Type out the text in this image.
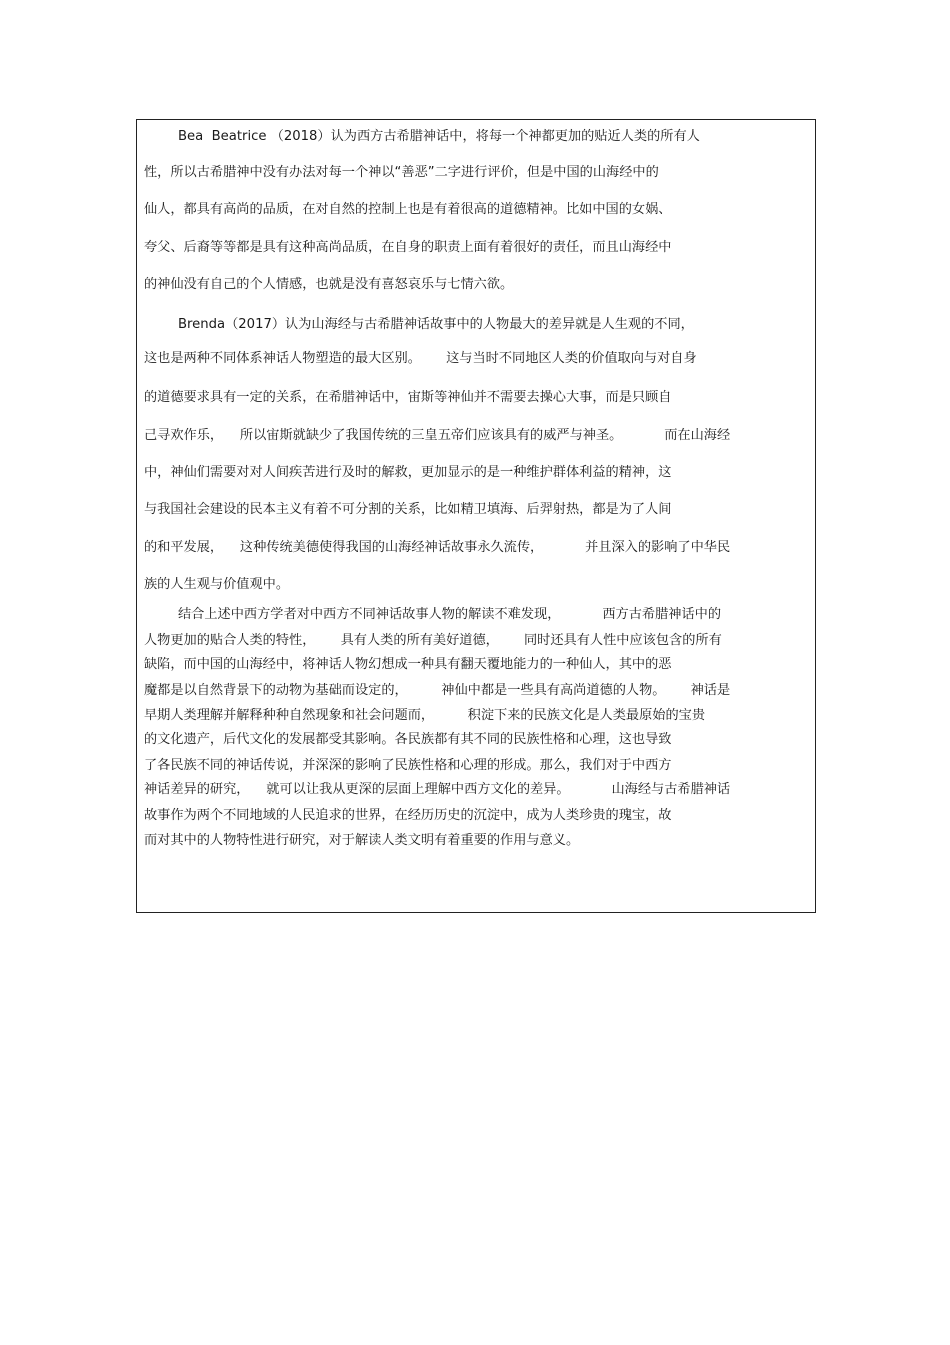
Bea  Beatrice （2018）认为西方古希腊神话中，将每一个神都更加的贴近人类的所有人

性，所以古希腊神中没有办法对每一个神以“善恶”二字进行评价，但是中国的山海经中的

仙人，都具有高尚的品质，在对自然的控制上也是有着很高的道德精神。比如中国的女娲、

夸父、后裔等等都是具有这种高尚品质，在自身的职责上面有着很好的责任，而且山海经中

的神仙没有自己的个人情感，也就是没有喜怒哀乐与七情六欲。

Brenda（2017）认为山海经与古希腊神话故事中的人物最大的差异就是人生观的不同，

这也是两种不同体系神话人物塑造的最大区别。      这与当时不同地区人类的价值取向与对自身

的道德要求具有一定的关系，在希腊神话中，宙斯等神仙并不需要去操心大事，而是只顾自

己寻欢作乐，    所以宙斯就缺少了我国传统的三皇五帝们应该具有的威严与神圣。          而在山海经

中，神仙们需要对对人间疾苦进行及时的解救，更加显示的是一种维护群体利益的精神，这

与我国社会建设的民本主义有着不可分割的关系，比如精卫填海、后羿射热，都是为了人间

的和平发展，    这种传统美德使得我国的山海经神话故事永久流传，          并且深入的影响了中华民

族的人生观与价值观中。

结合上述中西方学者对中西方不同神话故事人物的解读不难发现，          西方古希腊神话中的

人物更加的贴合人类的特性，      具有人类的所有美好道德，      同时还具有人性中应该包含的所有

缺陷，而中国的山海经中，将神话人物幻想成一种具有翻天覆地能力的一种仙人，其中的恶

魔都是以自然背景下的动物为基础而设定的，        神仙中都是一些具有高尚道德的人物。      神话是

早期人类理解并解释种种自然现象和社会问题而，        积淀下来的民族文化是人类最原始的宝贵

的文化遗产，后代文化的发展都受其影响。各民族都有其不同的民族性格和心理，这也导致

了各民族不同的神话传说，并深深的影响了民族性格和心理的形成。那么，我们对于中西方

神话差异的研究，    就可以让我从更深的层面上理解中西方文化的差异。          山海经与古希腊神话

故事作为两个不同地域的人民追求的世界，在经历历史的沉淀中，成为人类珍贵的瑰宝，故

而对其中的人物特性进行研究，对于解读人类文明有着重要的作用与意义。
